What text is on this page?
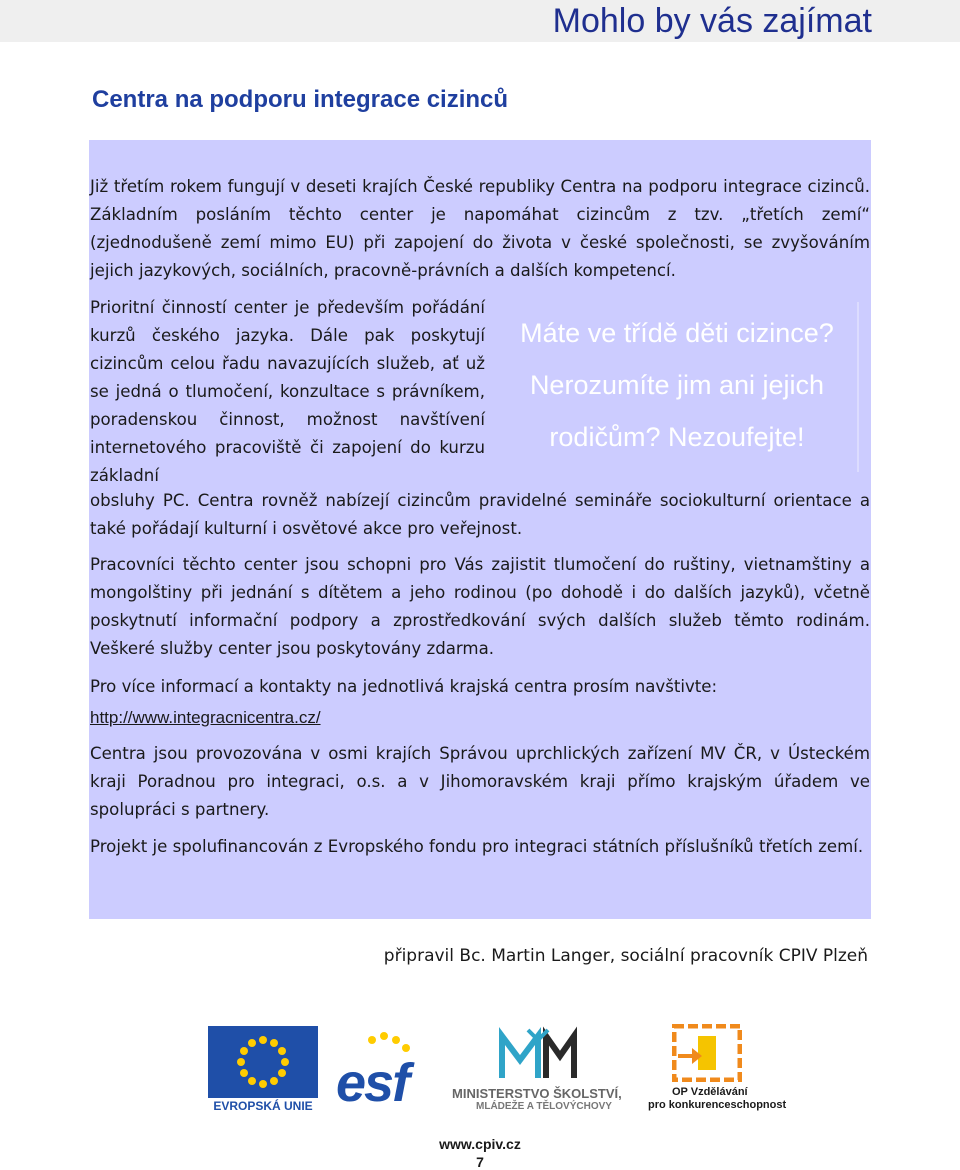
Mohlo by vás zajímat
Centra na podporu integrace cizinců
Již třetím rokem fungují v deseti krajích České republiky Centra na podporu integrace cizinců. Základním posláním těchto center je napomáhat cizincům z tzv. „třetích zemí“ (zjednodušeně zemí mimo EU) při zapojení do života v české společnosti, se zvyšováním jejich jazykových, sociálních, pracovně-právních a dalších kompetencí.
Prioritní činností center je především pořádání kurzů českého jazyka. Dále pak poskytují cizincům celou řadu navazujících služeb, ať už se jedná o tlumočení, konzultace s právníkem, poradenskou činnost, možnost navštívení internetového pracoviště či zapojení do kurzu základní
Máte ve třídě děti cizince?
Nerozumíte jim ani jejich
rodičům? Nezoufejte!
obsluhy PC. Centra rovněž nabízejí cizincům pravidelné semináře sociokulturní orientace a také pořádají kulturní i osvětové akce pro veřejnost.
Pracovníci těchto center jsou schopni pro Vás zajistit tlumočení do ruštiny, vietnamštiny a mongolštiny při jednání s dítětem a jeho rodinou (po dohodě i do dalších jazyků), včetně poskytnutí informační podpory a zprostředkování svých dalších služeb těmto rodinám. Veškeré služby center jsou poskytovány zdarma.
Pro více informací a kontakty na jednotlivá krajská centra prosím navštivte:
http://www.integracnicentra.cz/
Centra jsou provozována v osmi krajích Správou uprchlických zařízení MV ČR, v Ústeckém kraji Poradnou pro integraci, o.s. a v Jihomoravském kraji přímo krajským úřadem ve spolupráci s partnery.
Projekt je spolufinancován z Evropského fondu pro integraci státních příslušníků třetích zemí.
připravil Bc. Martin Langer, sociální pracovník CPIV Plzeň
EVROPSKÁ UNIE esf	MINISTERSTVO ŠKOLSTVÍ,
MLÁDEŽE A TĚLOVÝCHOVY
OP Vzdělávání
pro konkurenceschopnost
www.cpiv.cz
7
